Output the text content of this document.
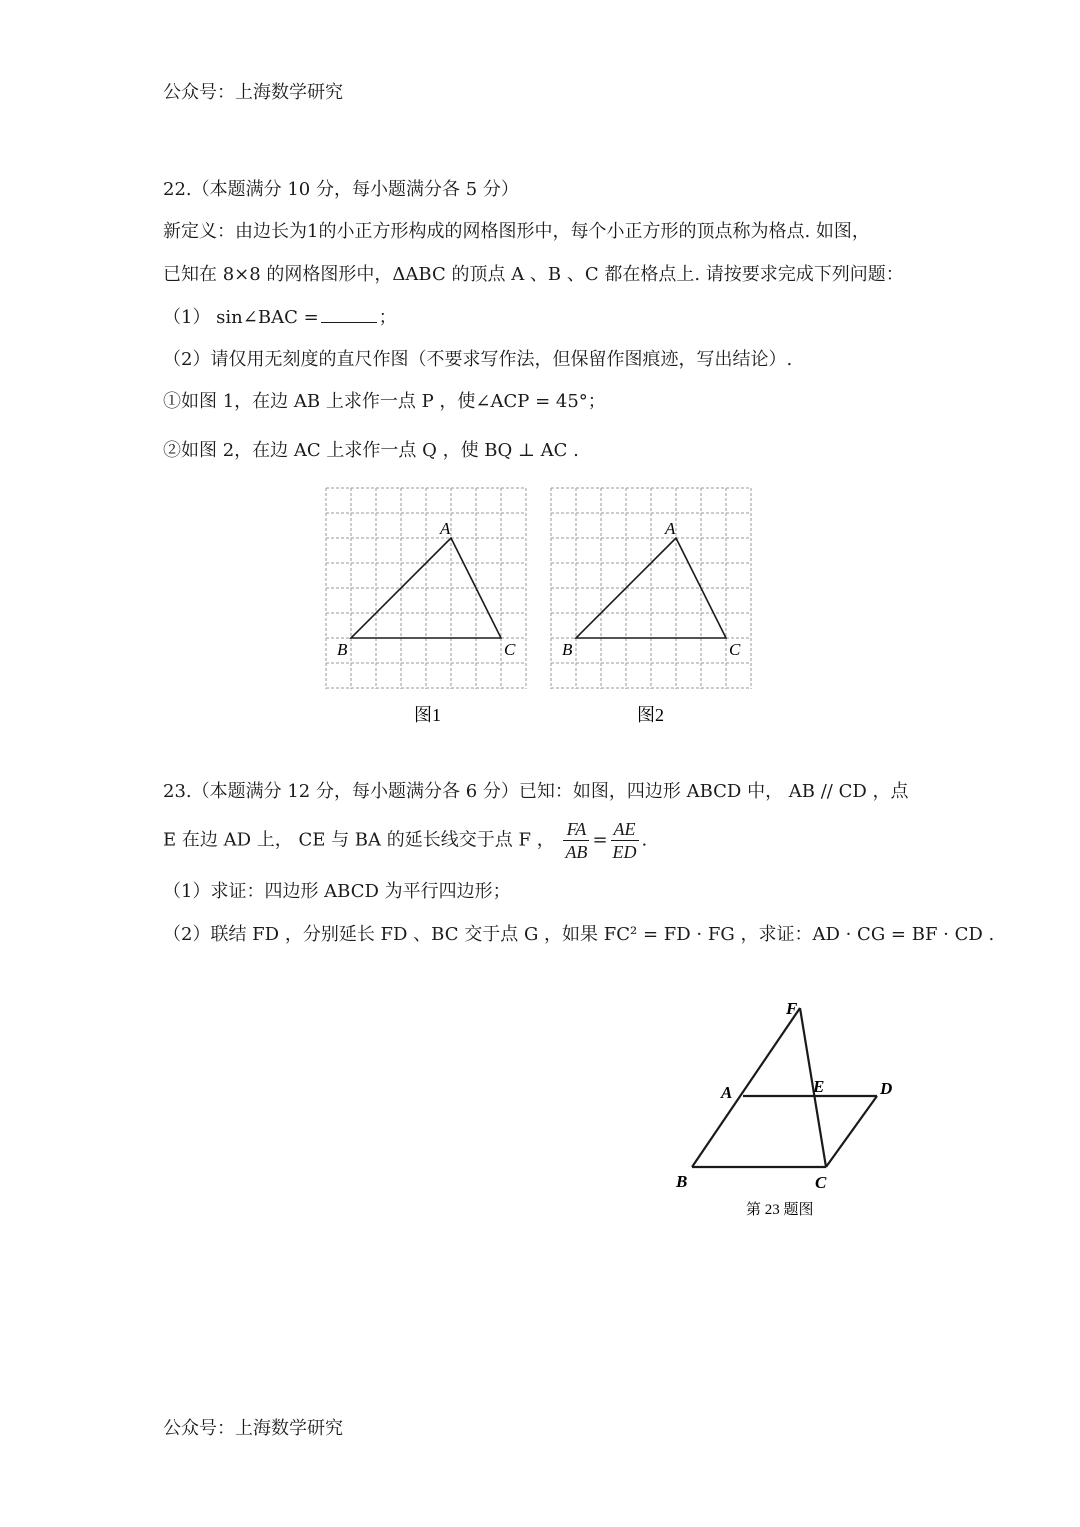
公众号：上海数学研究
22.（本题满分 10 分，每小题满分各 5 分）
新定义：由边长为1的小正方形构成的网格图形中，每个小正方形的顶点称为格点. 如图，
已知在 8×8 的网格图形中，ΔABC 的顶点 A 、B 、C 都在格点上. 请按要求完成下列问题：
（1） sin∠BAC =	；
（2）请仅用无刻度的直尺作图（不要求写作法，但保留作图痕迹，写出结论）.
①如图 1，在边 AB 上求作一点 P ，使∠ACP = 45°；
②如图 2，在边 AC 上求作一点 Q ，使 BQ ⊥ AC .
A
B	C
图1
A
B	C
图2
23.（本题满分 12 分，每小题满分各 6 分）已知：如图，四边形 ABCD 中， AB // CD ，点
E 在边 AD 上， CE 与 BA 的延长线交于点 F ， $\frac{FA}{AB} = \frac{AE}{ED}$ .
（1）求证：四边形 ABCD 为平行四边形；
（2）联结 FD ，分别延长 FD 、BC 交于点 G ，如果 FC² = FD · FG ，求证：AD · CG = BF · CD .
F
A	E	D
B	C
第 23 题图
公众号：上海数学研究
